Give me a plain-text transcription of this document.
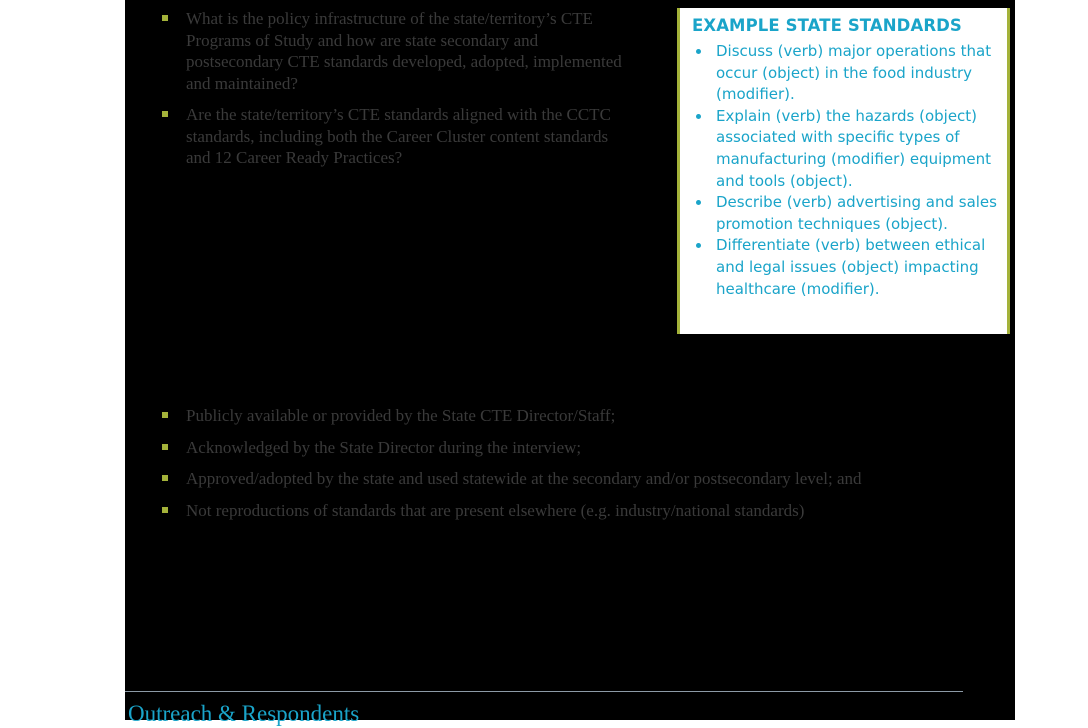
What is the policy infrastructure of the state/territory’s CTE Programs of Study and how are state secondary and postsecondary CTE standards developed, adopted, implemented and maintained?
Are the state/territory’s CTE standards aligned with the CCTC standards, including both the Career Cluster content standards and 12 Career Ready Practices?
EXAMPLE STATE STANDARDS
Discuss (verb) major operations that occur (object) in the food industry (modifier).
Explain (verb) the hazards (object) associated with specific types of manufacturing (modifier) equipment and tools (object).
Describe (verb) advertising and sales promotion techniques (object).
Differentiate (verb) between ethical and legal issues (object) impacting healthcare (modifier).
Publicly available or provided by the State CTE Director/Staff;
Acknowledged by the State Director during the interview;
Approved/adopted by the state and used statewide at the secondary and/or postsecondary level; and
Not reproductions of standards that are present elsewhere (e.g. industry/national standards)
Outreach & Respondents
